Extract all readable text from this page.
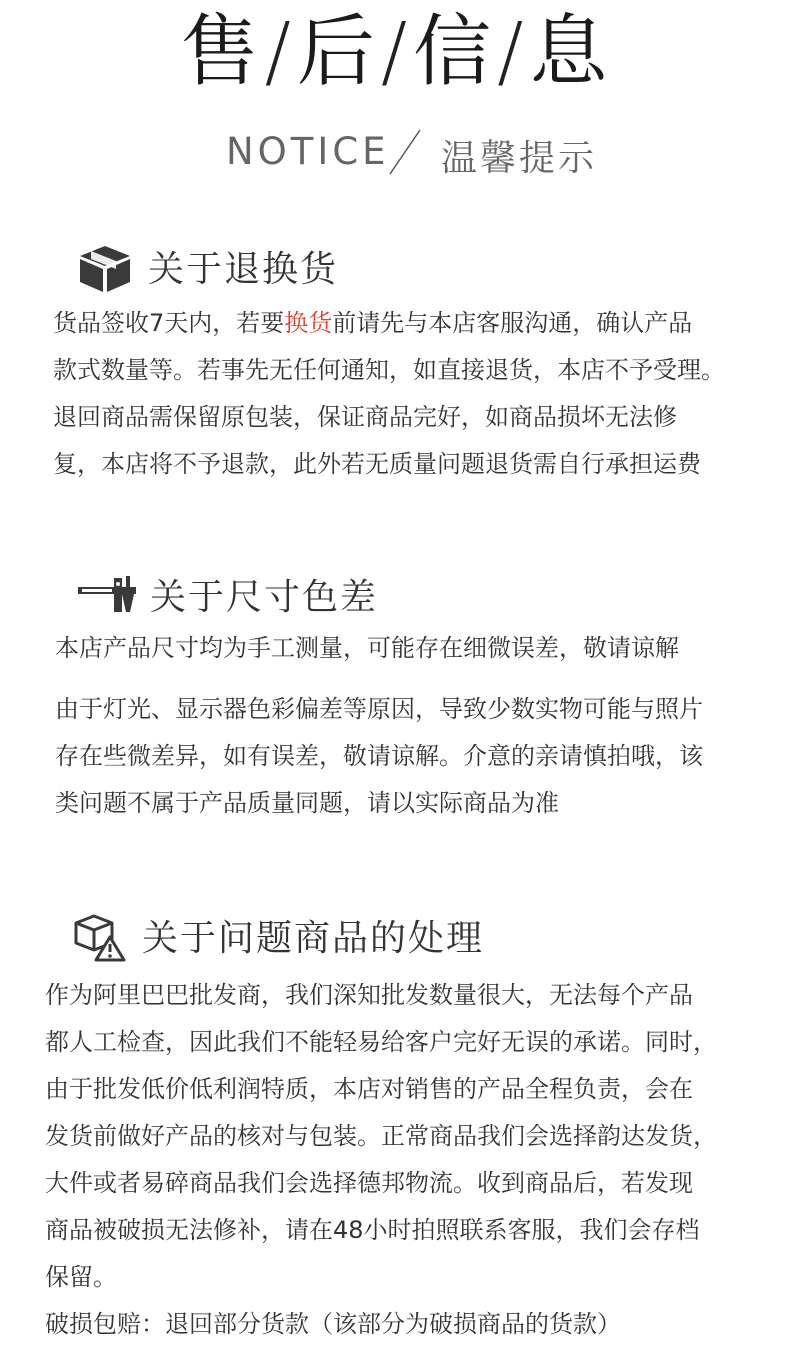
售/后/信/息
NOTICE 温馨提示
关于退换货
货品签收7天内，若要换货前请先与本店客服沟通，确认产品
款式数量等。若事先无任何通知，如直接退货，本店不予受理。
退回商品需保留原包装，保证商品完好，如商品损坏无法修
复，本店将不予退款，此外若无质量问题退货需自行承担运费
关于尺寸色差
本店产品尺寸均为手工测量，可能存在细微误差，敬请谅解
由于灯光、显示器色彩偏差等原因，导致少数实物可能与照片
存在些微差异，如有误差，敬请谅解。介意的亲请慎拍哦，该
类问题不属于产品质量同题，请以实际商品为准
关于问题商品的处理
作为阿里巴巴批发商，我们深知批发数量很大，无法每个产品
都人工检查，因此我们不能轻易给客户完好无误的承诺。同时，
由于批发低价低利润特质，本店对销售的产品全程负责，会在
发货前做好产品的核对与包装。正常商品我们会选择韵达发货，
大件或者易碎商品我们会选择德邦物流。收到商品后，若发现
商品被破损无法修补，请在48小时拍照联系客服，我们会存档
保留。
破损包赔：退回部分货款（该部分为破损商品的货款）
